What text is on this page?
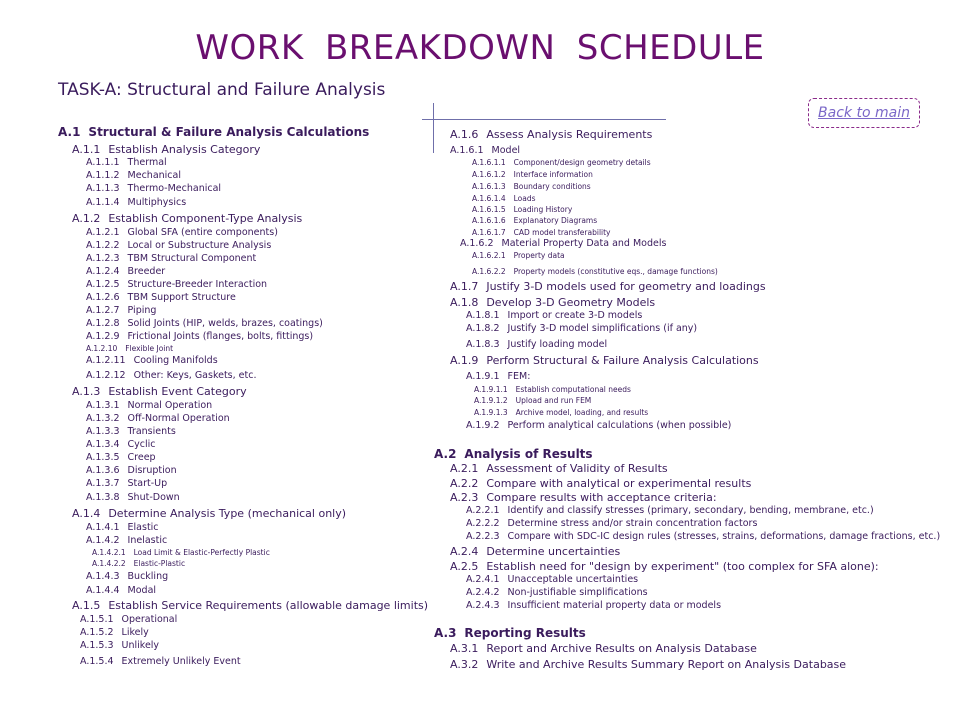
WORK BREAKDOWN SCHEDULE
TASK-A: Structural and Failure Analysis
Back to main
A.1 Structural & Failure Analysis Calculations
A.1.1 Establish Analysis Category
A.1.1.1 Thermal
A.1.1.2 Mechanical
A.1.1.3 Thermo-Mechanical
A.1.1.4 Multiphysics
A.1.2 Establish Component-Type Analysis
A.1.2.1 Global SFA (entire components)
A.1.2.2 Local or Substructure Analysis
A.1.2.3 TBM Structural Component
A.1.2.4 Breeder
A.1.2.5 Structure-Breeder Interaction
A.1.2.6 TBM Support Structure
A.1.2.7 Piping
A.1.2.8 Solid Joints (HIP, welds, brazes, coatings)
A.1.2.9 Frictional Joints (flanges, bolts, fittings)
A.1.2.10 Flexible Joint
A.1.2.11 Cooling Manifolds
A.1.2.12 Other: Keys, Gaskets, etc.
A.1.3 Establish Event Category
A.1.3.1 Normal Operation
A.1.3.2 Off-Normal Operation
A.1.3.3 Transients
A.1.3.4 Cyclic
A.1.3.5 Creep
A.1.3.6 Disruption
A.1.3.7 Start-Up
A.1.3.8 Shut-Down
A.1.4 Determine Analysis Type (mechanical only)
A.1.4.1 Elastic
A.1.4.2 Inelastic
A.1.4.2.1 Load Limit & Elastic-Perfectly Plastic
A.1.4.2.2 Elastic-Plastic
A.1.4.3 Buckling
A.1.4.4 Modal
A.1.5 Establish Service Requirements (allowable damage limits)
A.1.5.1 Operational
A.1.5.2 Likely
A.1.5.3 Unlikely
A.1.5.4 Extremely Unlikely Event
A.1.6 Assess Analysis Requirements
A.1.6.1 Model
A.1.6.1.1 Component/design geometry details
A.1.6.1.2 Interface information
A.1.6.1.3 Boundary conditions
A.1.6.1.4 Loads
A.1.6.1.5 Loading History
A.1.6.1.6 Explanatory Diagrams
A.1.6.1.7 CAD model transferability
A.1.6.2 Material Property Data and Models
A.1.6.2.1 Property data
A.1.6.2.2 Property models (constitutive eqs., damage functions)
A.1.7 Justify 3-D models used for geometry and loadings
A.1.8 Develop 3-D Geometry Models
A.1.8.1 Import or create 3-D models
A.1.8.2 Justify 3-D model simplifications (if any)
A.1.8.3 Justify loading model
A.1.9 Perform Structural & Failure Analysis Calculations
A.1.9.1 FEM:
A.1.9.1.1 Establish computational needs
A.1.9.1.2 Upload and run FEM
A.1.9.1.3 Archive model, loading, and results
A.1.9.2 Perform analytical calculations (when possible)
A.2 Analysis of Results
A.2.1 Assessment of Validity of Results
A.2.2 Compare with analytical or experimental results
A.2.3 Compare results with acceptance criteria:
A.2.2.1 Identify and classify stresses (primary, secondary, bending, membrane, etc.)
A.2.2.2 Determine stress and/or strain concentration factors
A.2.2.3 Compare with SDC-IC design rules (stresses, strains, deformations, damage fractions, etc.)
A.2.4 Determine uncertainties
A.2.5 Establish need for "design by experiment" (too complex for SFA alone):
A.2.4.1 Unacceptable uncertainties
A.2.4.2 Non-justifiable simplifications
A.2.4.3 Insufficient material property data or models
A.3 Reporting Results
A.3.1 Report and Archive Results on Analysis Database
A.3.2 Write and Archive Results Summary Report on Analysis Database
